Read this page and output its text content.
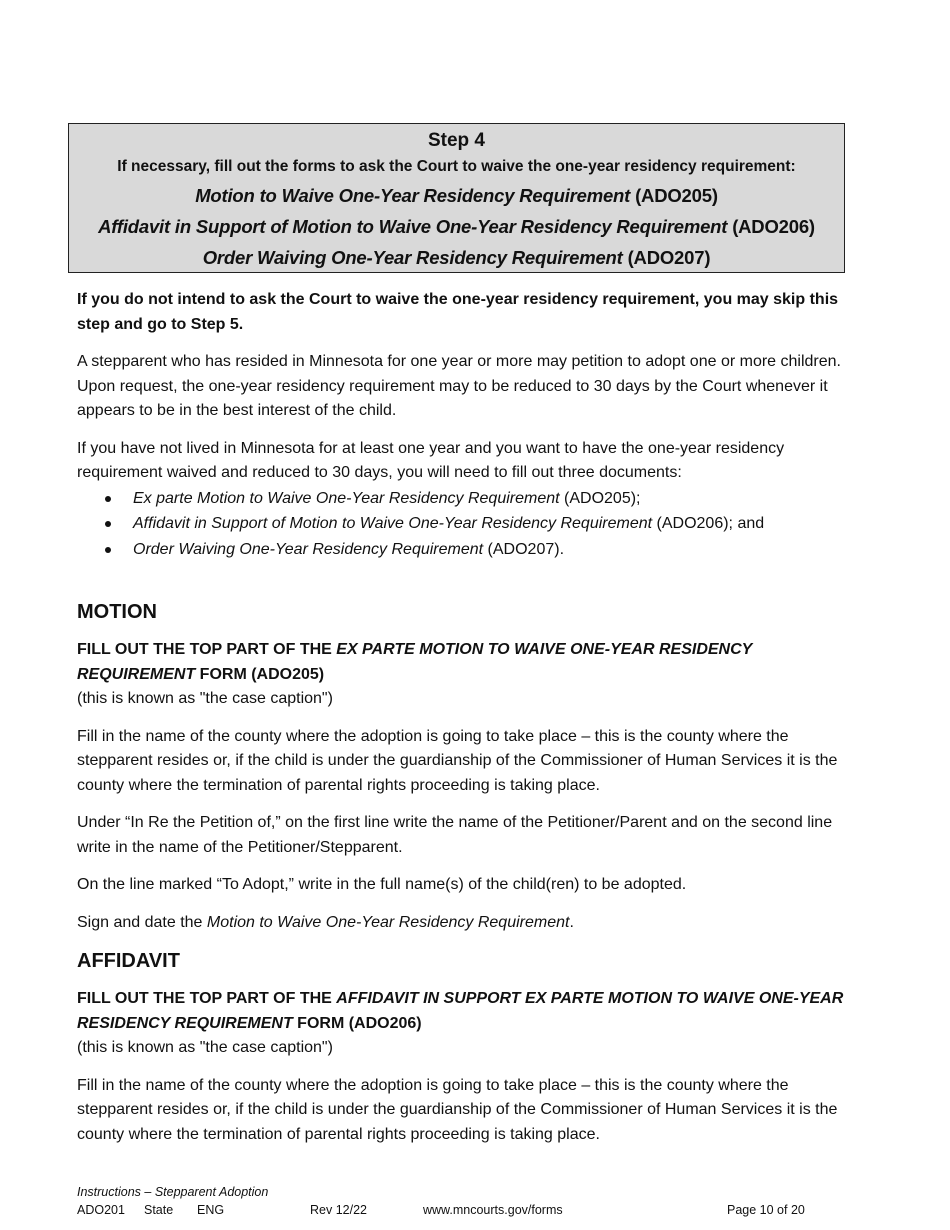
Step 4
If necessary, fill out the forms to ask the Court to waive the one-year residency requirement:
Motion to Waive One-Year Residency Requirement (ADO205)
Affidavit in Support of Motion to Waive One-Year Residency Requirement (ADO206)
Order Waiving One-Year Residency Requirement (ADO207)

If you do not intend to ask the Court to waive the one-year residency requirement, you may skip this step and go to Step 5.

A stepparent who has resided in Minnesota for one year or more may petition to adopt one or more children. Upon request, the one-year residency requirement may to be reduced to 30 days by the Court whenever it appears to be in the best interest of the child.

If you have not lived in Minnesota for at least one year and you want to have the one-year residency requirement waived and reduced to 30 days, you will need to fill out three documents:

Ex parte Motion to Waive One-Year Residency Requirement (ADO205);
Affidavit in Support of Motion to Waive One-Year Residency Requirement (ADO206); and
Order Waiving One-Year Residency Requirement (ADO207).
MOTION

FILL OUT THE TOP PART OF THE EX PARTE MOTION TO WAIVE ONE-YEAR RESIDENCY REQUIREMENT FORM (ADO205)

(this is known as "the case caption")

Fill in the name of the county where the adoption is going to take place – this is the county where the stepparent resides or, if the child is under the guardianship of the Commissioner of Human Services it is the county where the termination of parental rights proceeding is taking place.

Under “In Re the Petition of,” on the first line write the name of the Petitioner/Parent and on the second line write in the name of the Petitioner/Stepparent.

On the line marked “To Adopt,” write in the full name(s) of the child(ren) to be adopted.

Sign and date the Motion to Waive One-Year Residency Requirement.

AFFIDAVIT

FILL OUT THE TOP PART OF THE AFFIDAVIT IN SUPPORT EX PARTE MOTION TO WAIVE ONE-YEAR RESIDENCY REQUIREMENT FORM (ADO206)

(this is known as "the case caption")

Fill in the name of the county where the adoption is going to take place – this is the county where the stepparent resides or, if the child is under the guardianship of the Commissioner of Human Services it is the county where the termination of parental rights proceeding is taking place.

Instructions – Stepparent Adoption
ADO201 State ENG	Rev 12/22	www.mncourts.gov/forms	Page 10 of 20
